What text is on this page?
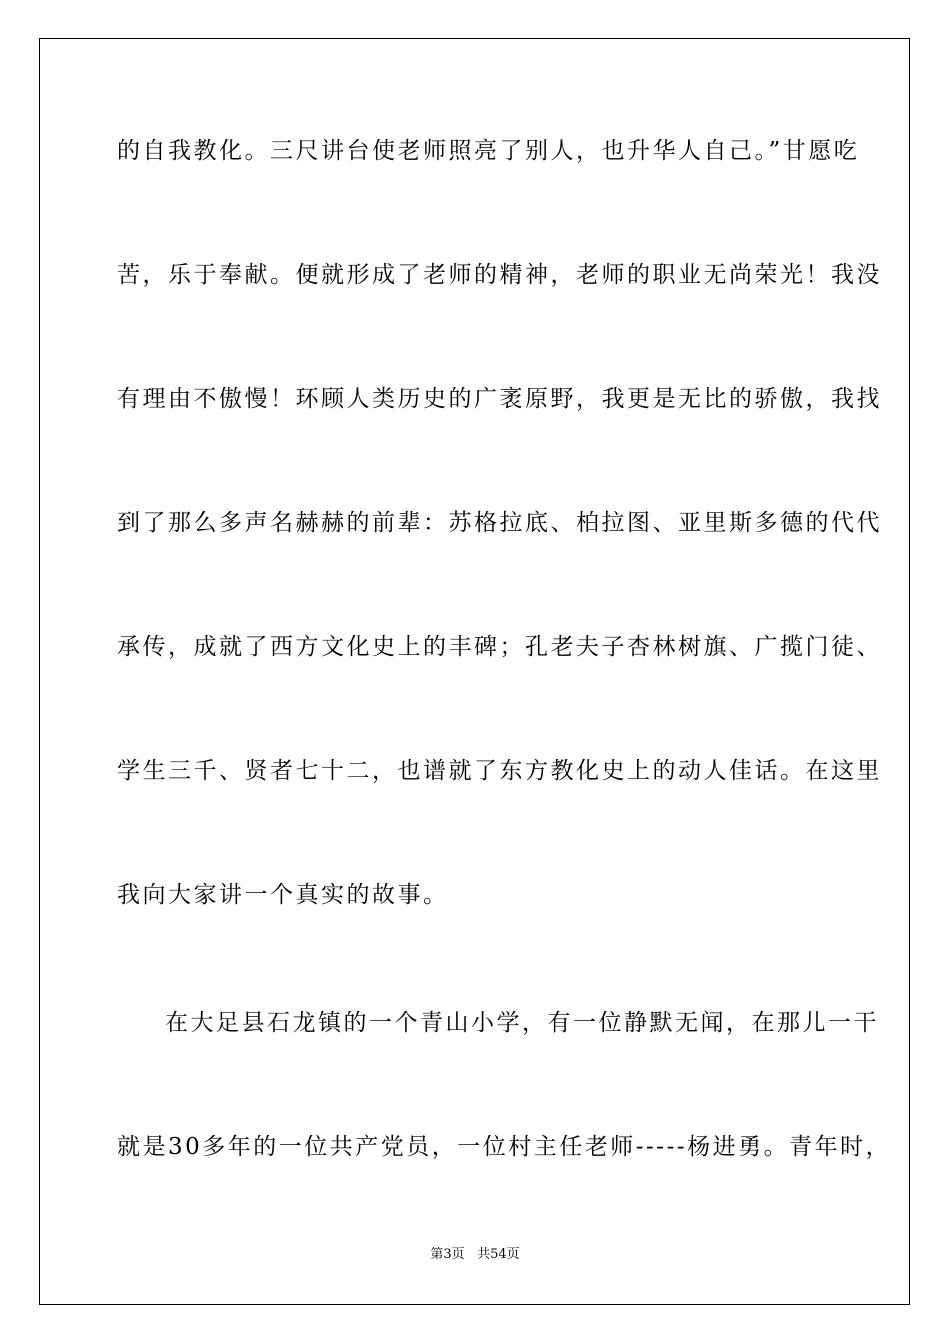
的自我教化。三尺讲台使老师照亮了别人，也升华人自己。”甘愿吃
苦，乐于奉献。便就形成了老师的精神，老师的职业无尚荣光！我没
有理由不傲慢！环顾人类历史的广袤原野，我更是无比的骄傲，我找
到了那么多声名赫赫的前辈：苏格拉底、柏拉图、亚里斯多德的代代
承传，成就了西方文化史上的丰碑；孔老夫子杏林树旗、广揽门徒、
学生三千、贤者七十二，也谱就了东方教化史上的动人佳话。在这里
我向大家讲一个真实的故事。
在大足县石龙镇的一个青山小学，有一位静默无闻，在那儿一干
就是30多年的一位共产党员，一位村主任老师-----杨进勇。青年时，
第3页 共54页
